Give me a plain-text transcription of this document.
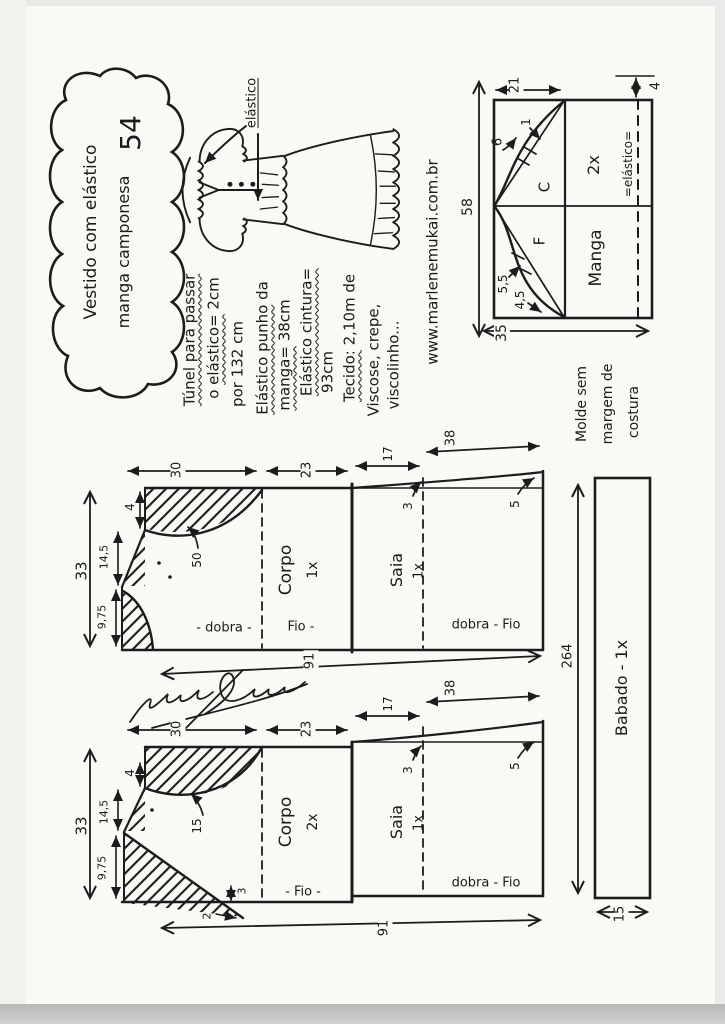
Vestido com elástico manga camponesa
54
elástico
Túnel para passar o elástico= 2cm
por 132 cm Elástico punho da
manga= 38cm Elástico cintura= 93cm Tecido: 2,10m de Viscose, crepe, viscolinho...
www.marlenemukai.com.br 58
21	4
35
C
F
6
1
5,5
4,5
Manga
2x =elástico=
30	23
33
14,5
9,75
4
50	Corpo 1x
- dobra -	Fio -
91
17
38
3	5
Saia 1x
dobra - Fio
30	23
33
14,5
9,75
4
15	Corpo 2x
- Fio -
3
2
91
17
38
3
5
Saia 1x
dobra - Fio
Babado - 1x
264
15
Molde sem margem de costura
